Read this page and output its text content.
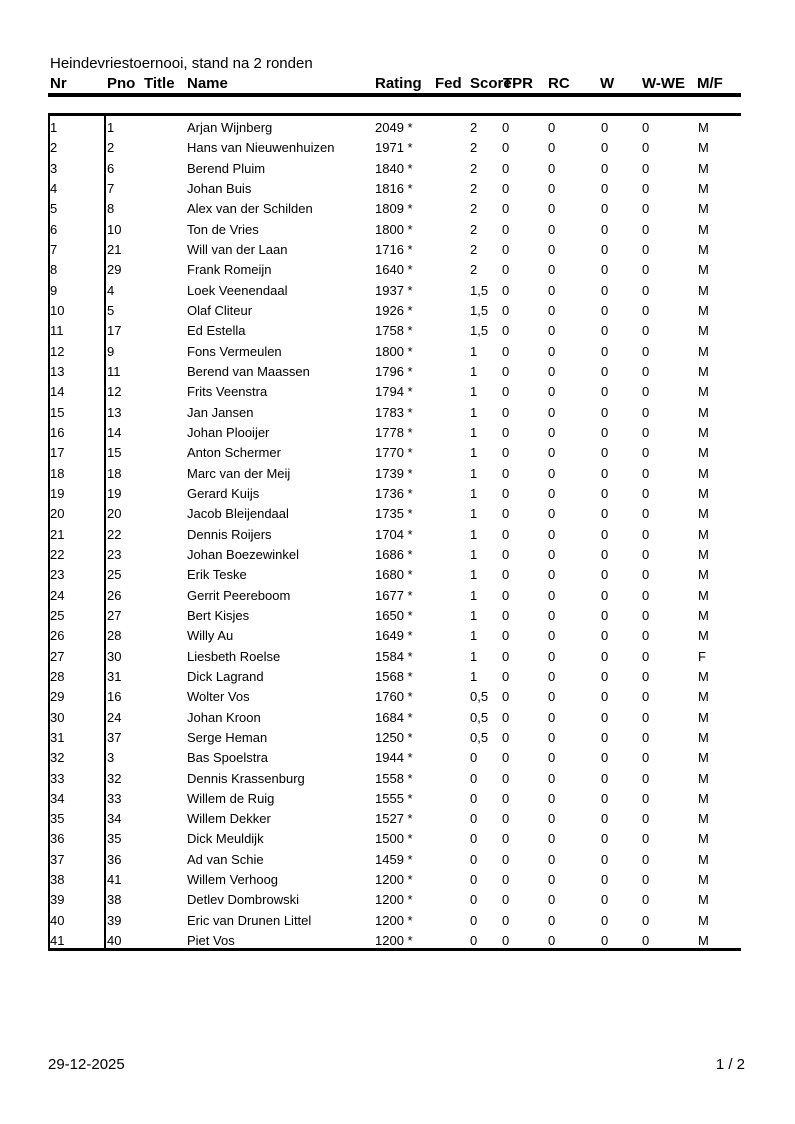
Heindevriestoernooi, stand na 2 ronden
Nr	Pno Title Name	Rating Fed Score
TPR RC W W-WE M/F
1	1	Arjan Wijnberg	2049 *	2 0	0	0	0	M
2	2	Hans van Nieuwenhuizen	1971 *	2 0	0	0	0	M
3	6	Berend Pluim	1840 *	2 0	0	0	0	M
4	7	Johan Buis	1816 *	2 0	0	0	0	M
5	8	Alex van der Schilden	1809 *	2 0	0	0	0	M
6	10	Ton de Vries	1800 *	2 0	0	0	0	M
7	21	Will van der Laan	1716 *	2 0	0	0	0	M
8	29	Frank Romeijn	1640 *	2 0	0	0	0	M
9	4	Loek Veenendaal	1937 *	1,5 0	0	0	0	M
10	5	Olaf Cliteur	1926 *	1,5 0	0	0	0	M
11	17	Ed Estella	1758 *	1,5 0	0	0	0	M
12	9	Fons Vermeulen	1800 *	1 0	0	0	0	M
13	11	Berend van Maassen	1796 *	1 0	0	0	0	M
14	12	Frits Veenstra	1794 *	1 0	0	0	0	M
15	13	Jan Jansen	1783 *	1 0	0	0	0	M
16	14	Johan Plooijer	1778 *	1 0	0	0	0	M
17	15	Anton Schermer	1770 *	1 0	0	0	0	M
18	18	Marc van der Meij	1739 *	1 0	0	0	0	M
19	19	Gerard Kuijs	1736 *	1 0	0	0	0	M
20	20	Jacob Bleijendaal	1735 *	1 0	0	0	0	M
21	22	Dennis Roijers	1704 *	1 0	0	0	0	M
22	23	Johan Boezewinkel	1686 *	1 0	0	0	0	M
23	25	Erik Teske	1680 *	1 0	0	0	0	M
24	26	Gerrit Peereboom	1677 *	1 0	0	0	0	M
25	27	Bert Kisjes	1650 *	1 0	0	0	0	M
26	28	Willy Au	1649 *	1 0	0	0	0	M
27	30	Liesbeth Roelse	1584 *	1 0	0	0	0	F
28	31	Dick Lagrand	1568 *	1 0	0	0	0	M
29	16	Wolter Vos	1760 *	0,5 0	0	0	0	M
30	24	Johan Kroon	1684 *	0,5 0	0	0	0	M
31	37	Serge Heman	1250 *	0,5 0	0	0	0	M
32	3	Bas Spoelstra	1944 *	0 0	0	0	0	M
33	32	Dennis Krassenburg	1558 *	0 0	0	0	0	M
34	33	Willem de Ruig	1555 *	0 0	0	0	0	M
35	34	Willem Dekker	1527 *	0 0	0	0	0	M
36	35	Dick Meuldijk	1500 *	0 0	0	0	0	M
37	36	Ad van Schie	1459 *	0 0	0	0	0	M
38	41	Willem Verhoog	1200 *	0 0	0	0	0	M
39	38	Detlev Dombrowski	1200 *	0 0	0	0	0	M
40	39	Eric van Drunen Littel	1200 *	0 0	0	0	0	M
41	40	Piet Vos	1200 *	0 0	0	0	0	M
29-12-2025	1 / 2
